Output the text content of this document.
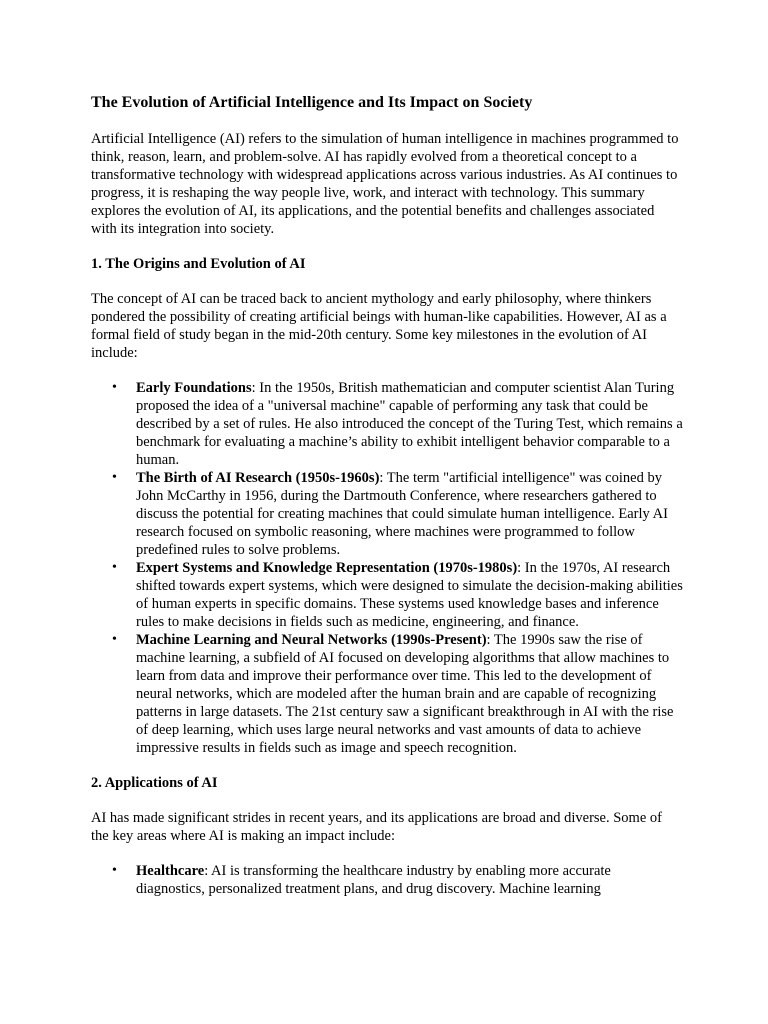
The Evolution of Artificial Intelligence and Its Impact on Society

Artificial Intelligence (AI) refers to the simulation of human intelligence in machines programmed to think, reason, learn, and problem-solve. AI has rapidly evolved from a theoretical concept to a transformative technology with widespread applications across various industries. As AI continues to progress, it is reshaping the way people live, work, and interact with technology. This summary explores the evolution of AI, its applications, and the potential benefits and challenges associated with its integration into society.

1. The Origins and Evolution of AI

The concept of AI can be traced back to ancient mythology and early philosophy, where thinkers pondered the possibility of creating artificial beings with human-like capabilities. However, AI as a formal field of study began in the mid-20th century. Some key milestones in the evolution of AI include:

• Early Foundations: In the 1950s, British mathematician and computer scientist Alan Turing proposed the idea of a "universal machine" capable of performing any task that could be described by a set of rules. He also introduced the concept of the Turing Test, which remains a benchmark for evaluating a machine’s ability to exhibit intelligent behavior comparable to a human.
• The Birth of AI Research (1950s-1960s): The term "artificial intelligence" was coined by John McCarthy in 1956, during the Dartmouth Conference, where researchers gathered to discuss the potential for creating machines that could simulate human intelligence. Early AI research focused on symbolic reasoning, where machines were programmed to follow predefined rules to solve problems.
• Expert Systems and Knowledge Representation (1970s-1980s): In the 1970s, AI research shifted towards expert systems, which were designed to simulate the decision-making abilities of human experts in specific domains. These systems used knowledge bases and inference rules to make decisions in fields such as medicine, engineering, and finance.
• Machine Learning and Neural Networks (1990s-Present): The 1990s saw the rise of machine learning, a subfield of AI focused on developing algorithms that allow machines to learn from data and improve their performance over time. This led to the development of neural networks, which are modeled after the human brain and are capable of recognizing patterns in large datasets. The 21st century saw a significant breakthrough in AI with the rise of deep learning, which uses large neural networks and vast amounts of data to achieve impressive results in fields such as image and speech recognition.
2. Applications of AI

AI has made significant strides in recent years, and its applications are broad and diverse. Some of the key areas where AI is making an impact include:

• Healthcare: AI is transforming the healthcare industry by enabling more accurate diagnostics, personalized treatment plans, and drug discovery. Machine learning
